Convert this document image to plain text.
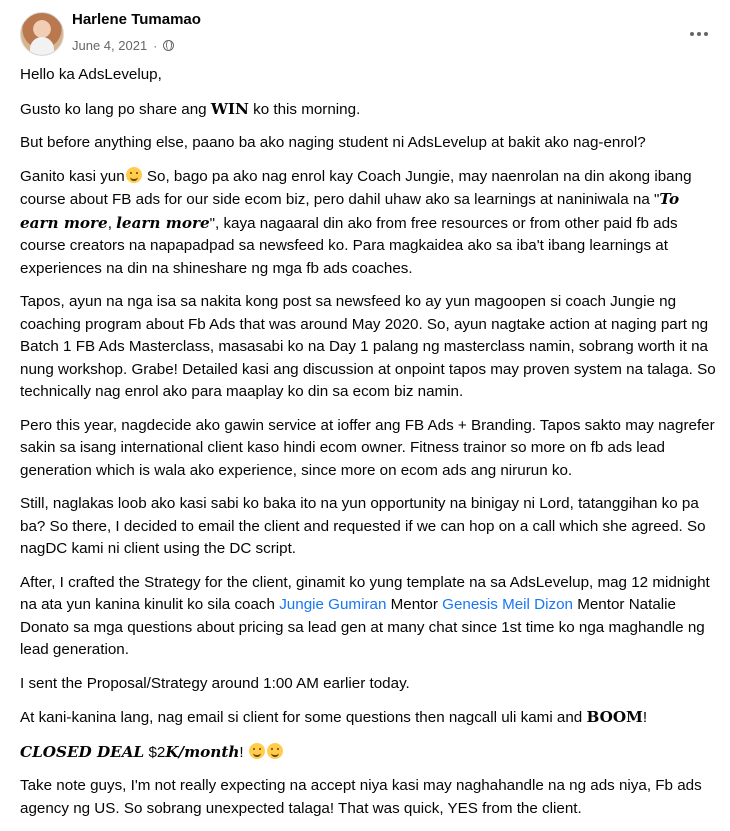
Harlene Tumamao
June 4, 2021 ·

Hello ka AdsLevelup,

Gusto ko lang po share ang WIN ko this morning.

But before anything else, paano ba ako naging student ni AdsLevelup at bakit ako nag-enrol?

Ganito kasi yun So, bago pa ako nag enrol kay Coach Jungie, may naenrolan na din akong ibang course about FB ads for our side ecom biz, pero dahil uhaw ako sa learnings at naniniwala na "To earn more, learn more", kaya nagaaral din ako from free resources or from other paid fb ads course creators na napapadpad sa newsfeed ko. Para magkaidea ako sa iba't ibang learnings at experiences na din na shineshare ng mga fb ads coaches.

Tapos, ayun na nga isa sa nakita kong post sa newsfeed ko ay yun magoopen si coach Jungie ng coaching program about Fb Ads that was around May 2020. So, ayun nagtake action at naging part ng Batch 1 FB Ads Masterclass, masasabi ko na Day 1 palang ng masterclass namin, sobrang worth it na nung workshop. Grabe! Detailed kasi ang discussion at onpoint tapos may proven system na talaga. So technically nag enrol ako para maaplay ko din sa ecom biz namin.

Pero this year, nagdecide ako gawin service at ioffer ang FB Ads + Branding. Tapos sakto may nagrefer sakin sa isang international client kaso hindi ecom owner. Fitness trainor so more on fb ads lead generation which is wala ako experience, since more on ecom ads ang nirurun ko.

Still, naglakas loob ako kasi sabi ko baka ito na yun opportunity na binigay ni Lord, tatanggihan ko pa ba? So there, I decided to email the client and requested if we can hop on a call which she agreed. So nagDC kami ni client using the DC script.

After, I crafted the Strategy for the client, ginamit ko yung template na sa AdsLevelup, mag 12 midnight na ata yun kanina kinulit ko sila coach Jungie Gumiran Mentor Genesis Meil Dizon Mentor Natalie Donato sa mga questions about pricing sa lead gen at many chat since 1st time ko nga maghandle ng lead generation.

I sent the Proposal/Strategy around 1:00 AM earlier today.

At kani-kanina lang, nag email si client for some questions then nagcall uli kami and BOOM!

CLOSED DEAL $2K/month!

Take note guys, I'm not really expecting na accept niya kasi may naghahandle na ng ads niya, Fb ads agency ng US. So sobrang unexpected talaga! That was quick, YES from the client.
